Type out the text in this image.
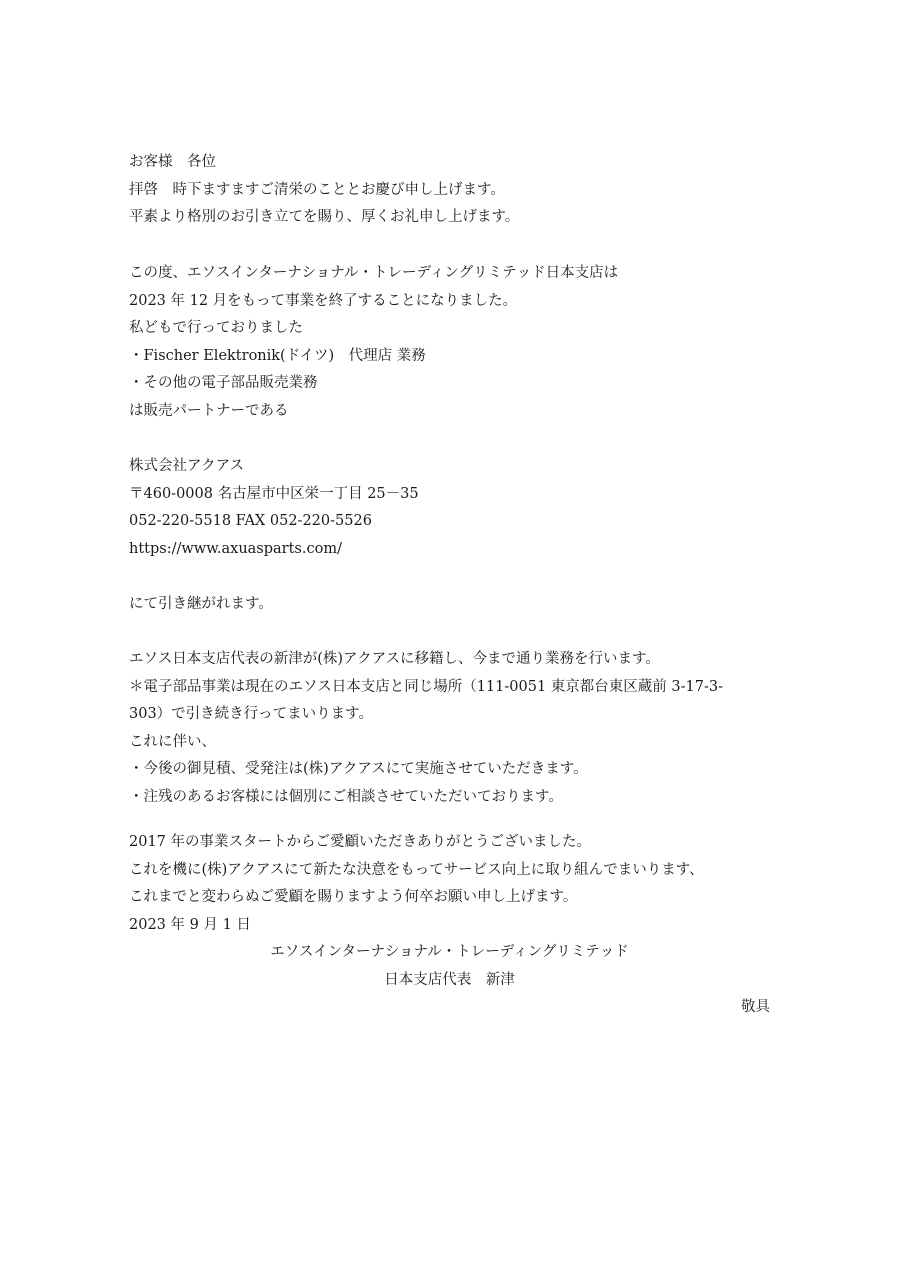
お客様　各位
拝啓　時下ますますご清栄のこととお慶び申し上げます。
平素より格別のお引き立てを賜り、厚くお礼申し上げます。
この度、エソスインターナショナル・トレーディングリミテッド日本支店は
2023 年 12 月をもって事業を終了することになりました。
私どもで行っておりました
・Fischer Elektronik(ドイツ)　代理店 業務
・その他の電子部品販売業務
は販売パートナーである
株式会社アクアス
〒460-0008 名古屋市中区栄一丁目 25－35
052-220-5518 FAX 052-220-5526
https://www.axuasparts.com/
にて引き継がれます。
エソス日本支店代表の新津が(株)アクアスに移籍し、今まで通り業務を行います。
＊電子部品事業は現在のエソス日本支店と同じ場所（111-0051 東京都台東区蔵前 3-17-3-
303）で引き続き行ってまいります。
これに伴い、
・今後の御見積、受発注は(株)アクアスにて実施させていただきます。
・注残のあるお客様には個別にご相談させていただいております。
2017 年の事業スタートからご愛顧いただきありがとうございました。
これを機に(株)アクアスにて新たな決意をもってサービス向上に取り組んでまいります、
これまでと変わらぬご愛顧を賜りますよう何卒お願い申し上げます。
2023 年 9 月 1 日
エソスインターナショナル・トレーディングリミテッド
日本支店代表　新津
敬具
